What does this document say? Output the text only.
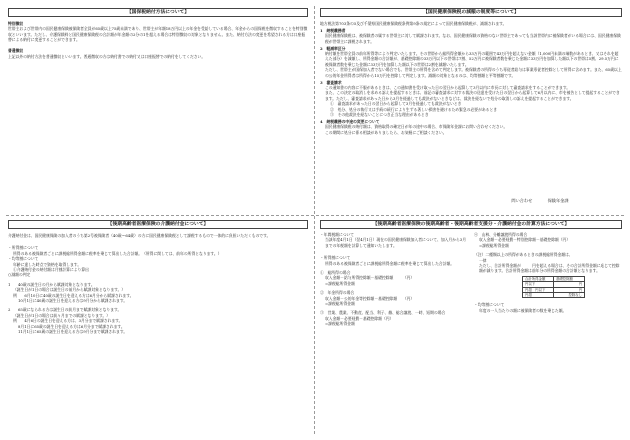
【国保税納付方法について】

特別徴収

世帯主および世帯内の国民健康保険被保険者全員が65歳以上75歳未満であり、世帯主が年額18万円以上の年金を受給している場合、年金からの国保税を徴収することを特別徴収といいます。ただし、介護保険料と国民健康保険税の合計額が年金額の2分の1を超える場合は特別徴収の対象となりません。また、納付方法の変更を希望される方は口座振替による納付に変更することができます。

普通徴収

上記以外の納付方法を普通徴収といいます。普通徴収の方は納付書での納付又は口座振替での納付をしてください。

【国民健康保険税の減額の制度等について】

地方税法第703条の5及び千葉県国民健康保険税条例第9条の規定によって国民健康保険税が、減額されます。

1　納税義務者

国民健康保険税は、被保険者の属する世帯主に対して賦課されます。なお、国民健康保険の資格のない世帯主であっても当該世帯内に被保険者がいる場合には、国民健康保険税が世帯主に課税されます。

2　軽減率区分

納付額を世帯全員の前年所得等により判定いたします。その世帯から総所得金額から33万円の範囲で43万円を超えない金額（1,000円未満の端数があるとき、又はそれを超えた部分）を減額し、所得金額の合計額が、基礎控除額の33万円以下の世帯は7割、52万円に被保険者数を乗じた金額に33万円を加算した額以下の世帯は5割、29.5万円に被保険者数を乗じた金額に33万円を加算した額以下の世帯は2割を減額いたします。

ただし、世帯主が国保加入者でない場合でも、世帯主の所得を含めて判定します。被保険者の所得のうち専従者給与は事業専従者控除として所得に含めます。また、65歳以上の公的年金所得者は所得から15万円を控除して判定します。減額の対象となるのは、均等割額と平等割額です。

3　審査請求

この通知書の内容に不服があるときは、この通知書を受け取った日の翌日から起算して3月以内に市長に対して審査請求をすることができます。

また、この決定の取消しを求める訴えを提起するときは、前記の審査請求に対する裁決の送達を受けた日の翌日から起算して6月以内に、市を被告として提起することができます。ただし、審査請求があった日から3月を経過しても裁決がないときなどは、裁決を経ないで処分の取消しの訴えを提起することができます。

①　審査請求があった日の翌日から起算して3月を経過しても裁決がないとき

②　処分、処分の執行又は手続の続行により生ずる著しい損害を避けるため緊急の必要があるとき

③　その他裁決を経ないことにつき正当な理由があるとき

4　納税義務の中途の変更について

国民健康保険税の納付額は、資格取得の確定日が年の途中の場合、市保険年金課にお問い合わせください。

この期間に処分に係る相談がありましたら、お気軽にご相談ください。

問い合わせ 　　　	保険年金課
【後期高齢者医療保険の介護納付金について】

介護納付金は、国民健康保険の加入者のうち第2号被保険者（40歳～64歳）の方に国民健康保険税として課税するもので一体的に負担いただくものです。

・所得割について

所得のある被保険者ごとに課税総所得金額に税率を乗じて算出した合計額。（所得に関しては、前年の所得となります。）

・均等割について

年齢に達した時点で資格を取得します。

①介護納付金の納付額は月割計算により算出

○減額の判定

1　　40歳の誕生日の月から賦課対象となります。

（誕生日が1日の場合は誕生日の前月から賦課対象となります。）

例　　6月10日に40歳の誕生日を迎える方は6月分から賦課されます。

10月1日に40歳の誕生日を迎える方は9月分から賦課されます。

2　　65歳になられる方は誕生日の前月まで賦課対象となります。

（誕生日が1日の場合は前々月までの賦課となります。）

例　　4月6日の誕生日を迎える方は、3月分まで賦課されます。

8月1日に65歳の誕生日を迎える方は6月分まで賦課されます。

11月1日に65歳の誕生日を迎える方は9月分まで賦課されます。

【後期高齢者医療保険の後期高齢者・後期高齢者支援分・介護納付金の計算方法について】

・年間税額について

当該年度4月1日（翌4月1日）現在の国民健康保険加入者について、加入月から3月までの年税額を計算して通知いたします。

・所得割について

所得のある被保険者ごとに課税総所得金額に税率を乗じて算出した合計額。

①　総所得の場合

収入金額－給与所得控除額－基礎控除額　　　（円）

=課税総所得金額

②　年金所得の場合

収入金額－公的年金等控除額－基礎控除額　　（円）

=課税総所得金額

③　営業、農業、不動産、配当、利子、雑、総合譲渡、一時、短期の場合

収入金額－必要経費－基礎控除額（円）

=課税総所得金額

④　山林、分離譲渡所得の場合

収入金額－必要経費－特別控除額－基礎控除額（円）

=課税総所得金額

（注）二種類以上の所得があるときの課税総所得金額は、

一律

ただし、合計所得金額が　　　円を超える場合は、その合計所得金額に応じて控除額が減ります。合計所得金額は前年分の所得金額の合計額となります。

合計所得金額	基礎控除額
円以下	円
円超　円以下	円
円超	控除なし

・均等割について

年度の一人当たりの額に被保険者の数を乗じた額。
